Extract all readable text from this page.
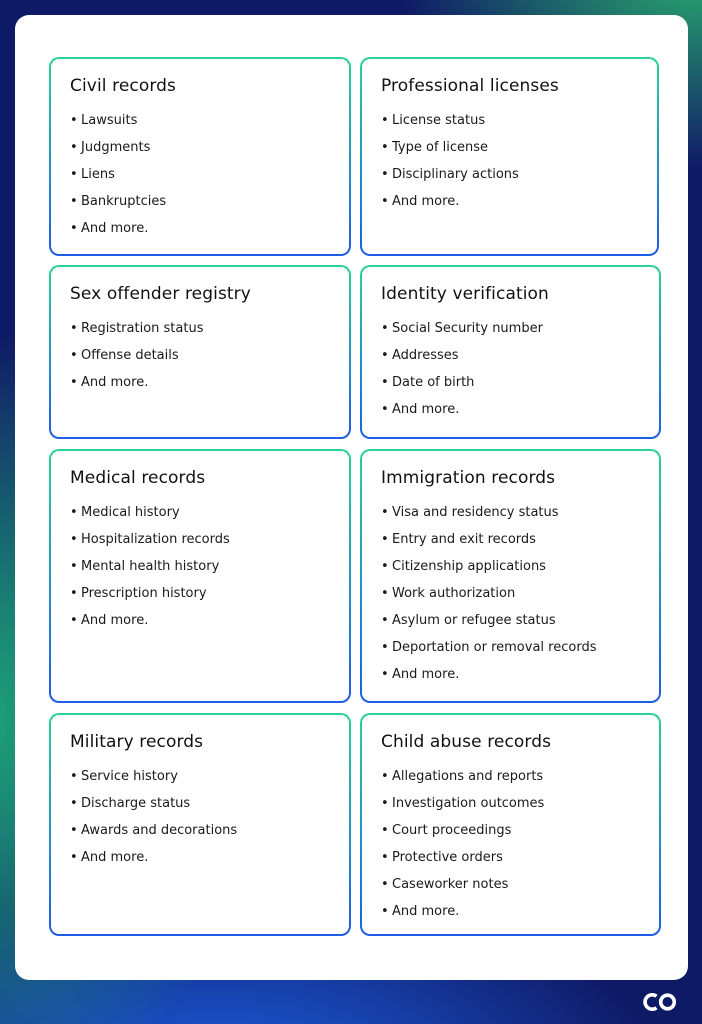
Civil records
• Lawsuits
• Judgments
• Liens
• Bankruptcies
• And more.
Professional licenses
• License status
• Type of license
• Disciplinary actions
• And more.
Sex offender registry
• Registration status
• Offense details
• And more.
Identity verification
• Social Security number
• Addresses
• Date of birth
• And more.
Medical records
• Medical history
• Hospitalization records
• Mental health history
• Prescription history
• And more.
Immigration records
• Visa and residency status
• Entry and exit records
• Citizenship applications
• Work authorization
• Asylum or refugee status
• Deportation or removal records
• And more.
Military records
• Service history
• Discharge status
• Awards and decorations
• And more.
Child abuse records
• Allegations and reports
• Investigation outcomes
• Court proceedings
• Protective orders
• Caseworker notes
• And more.
